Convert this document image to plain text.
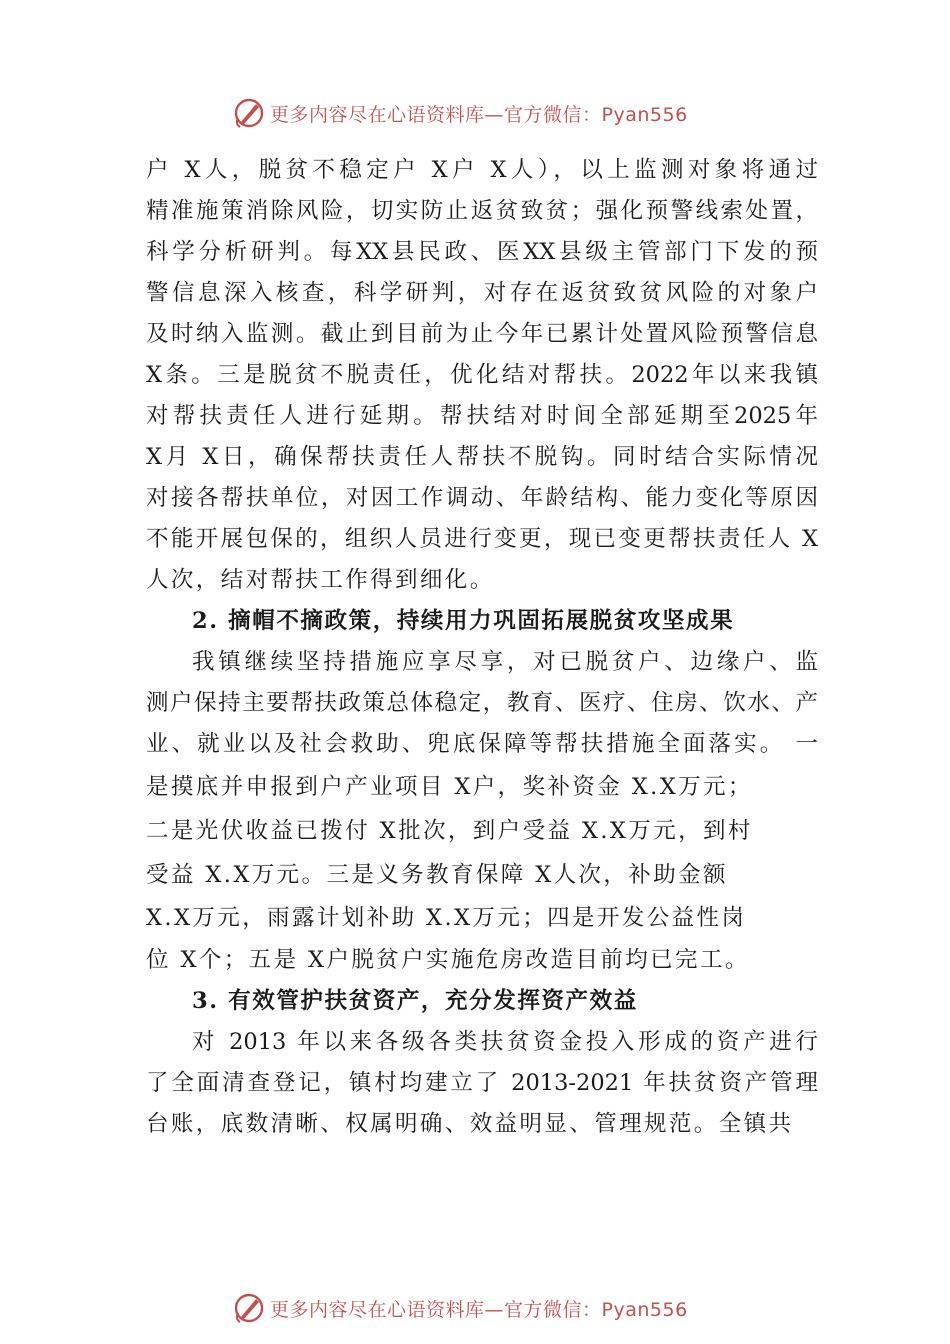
更多内容尽在心语资料库—官方微信：Pyan556
户 X人，脱贫不稳定户 X户 X人），以上监测对象将通过
精准施策消除风险，切实防止返贫致贫；强化预警线索处置，
科学分析研判。每XX县民政、医XX县级主管部门下发的预
警信息深入核查，科学研判，对存在返贫致贫风险的对象户
及时纳入监测。截止到目前为止今年已累计处置风险预警信息
X条。三是脱贫不脱责任，优化结对帮扶。2022年以来我镇
对帮扶责任人进行延期。帮扶结对时间全部延期至2025年
X月 X日，确保帮扶责任人帮扶不脱钩。同时结合实际情况
对接各帮扶单位，对因工作调动、年龄结构、能力变化等原因
不能开展包保的，组织人员进行变更，现已变更帮扶责任人 X
人次，结对帮扶工作得到细化。
2. 摘帽不摘政策，持续用力巩固拓展脱贫攻坚成果
我镇继续坚持措施应享尽享，对已脱贫户、边缘户、监
测户保持主要帮扶政策总体稳定，教育、医疗、住房、饮水、产
业、就业以及社会救助、兜底保障等帮扶措施全面落实。 一
是摸底并申报到户产业项目 X户，奖补资金 X.X万元；
二是光伏收益已拨付 X批次，到户受益 X.X万元，到村
受益 X.X万元。三是义务教育保障 X人次，补助金额
X.X万元，雨露计划补助 X.X万元；四是开发公益性岗
位 X个；五是 X户脱贫户实施危房改造目前均已完工。
3. 有效管护扶贫资产，充分发挥资产效益
对 2013 年以来各级各类扶贫资金投入形成的资产进行
了全面清查登记，镇村均建立了 2013-2021 年扶贫资产管理
台账，底数清晰、权属明确、效益明显、管理规范。全镇共
更多内容尽在心语资料库—官方微信：Pyan556
